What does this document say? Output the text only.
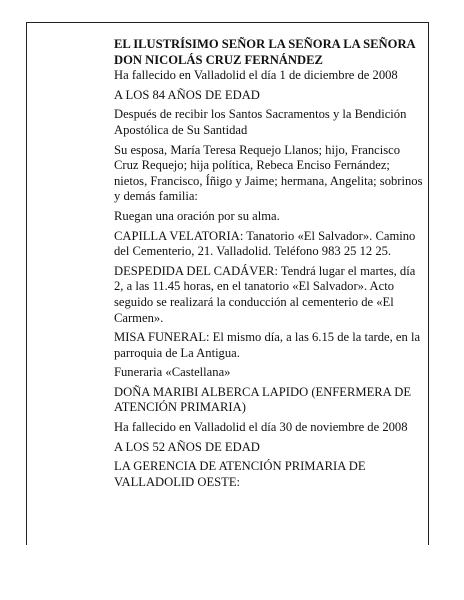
EL ILUSTRÍSIMO SEÑOR LA SEÑORA LA SEÑORA

DON NICOLÁS CRUZ FERNÁNDEZ

Ha fallecido en Valladolid el día 1 de diciembre de 2008

A LOS 84 AÑOS DE EDAD

Después de recibir los Santos Sacramentos y la Bendición Apostólica de Su Santidad

Su esposa, María Teresa Requejo Llanos; hijo, Francisco Cruz Requejo; hija política, Rebeca Enciso Fernández; nietos, Francisco, Íñigo y Jaime; hermana, Angelita; sobrinos y demás familia:

Ruegan una oración por su alma.

CAPILLA VELATORIA: Tanatorio «El Salvador». Camino del Cementerio, 21. Valladolid. Teléfono 983 25 12 25.

DESPEDIDA DEL CADÁVER: Tendrá lugar el martes, día 2, a las 11.45 horas, en el tanatorio «El Salvador». Acto seguido se realizará la conducción al cementerio de «El Carmen».

MISA FUNERAL: El mismo día, a las 6.15 de la tarde, en la parroquia de La Antigua.

Funeraria «Castellana»

DOÑA MARIBI ALBERCA LAPIDO (ENFERMERA DE ATENCIÓN PRIMARIA)

Ha fallecido en Valladolid el día 30 de noviembre de 2008

A LOS 52 AÑOS DE EDAD

LA GERENCIA DE ATENCIÓN PRIMARIA DE VALLADOLID OESTE:
